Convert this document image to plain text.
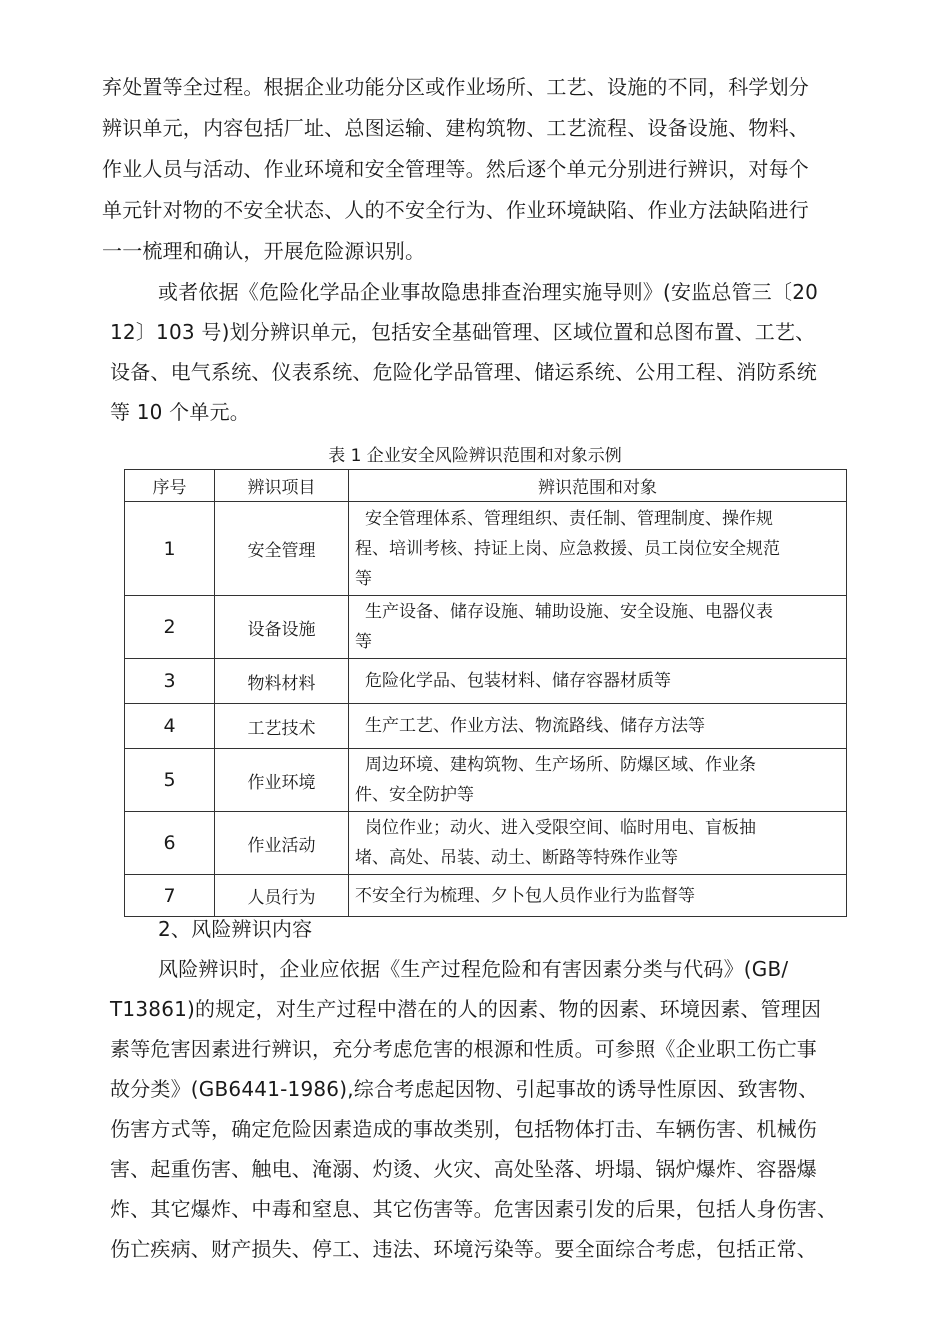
弃处置等全过程。根据企业功能分区或作业场所、工艺、设施的不同，科学划分
辨识单元，内容包括厂址、总图运输、建构筑物、工艺流程、设备设施、物料、
作业人员与活动、作业环境和安全管理等。然后逐个单元分别进行辨识，对每个
单元针对物的不安全状态、人的不安全行为、作业环境缺陷、作业方法缺陷进行
一一梳理和确认，开展危险源识别。
或者依据《危险化学品企业事故隐患排查治理实施导则》(安监总管三〔20
12〕103 号)划分辨识单元，包括安全基础管理、区域位置和总图布置、工艺、
设备、电气系统、仪表系统、危险化学品管理、储运系统、公用工程、消防系统
等 10 个单元。
表 1 企业安全风险辨识范围和对象示例
序号	辨识项目	辨识范围和对象
1	安全管理	安全管理体系、管理组织、责任制、管理制度、操作规
程、培训考核、持证上岗、应急救援、员工岗位安全规范
等

2	设备设施	生产设备、储存设施、辅助设施、安全设施、电器仪表
等

3	物料材料	危险化学品、包装材料、储存容器材质等

4	工艺技术	生产工艺、作业方法、物流路线、储存方法等

5	作业环境	周边环境、建构筑物、生产场所、防爆区域、作业条
件、安全防护等

6	作业活动	岗位作业；动火、进入受限空间、临时用电、盲板抽
堵、高处、吊装、动土、断路等特殊作业等

7	人员行为	不安全行为梳理、夕卜包人员作业行为监督等
2、风险辨识内容
风险辨识时，企业应依据《生产过程危险和有害因素分类与代码》(GB/
T13861)的规定，对生产过程中潜在的人的因素、物的因素、环境因素、管理因
素等危害因素进行辨识，充分考虑危害的根源和性质。可参照《企业职工伤亡事
故分类》(GB6441-1986),综合考虑起因物、引起事故的诱导性原因、致害物、
伤害方式等，确定危险因素造成的事故类别，包括物体打击、车辆伤害、机械伤
害、起重伤害、触电、淹溺、灼烫、火灾、高处坠落、坍塌、锅炉爆炸、容器爆
炸、其它爆炸、中毒和窒息、其它伤害等。危害因素引发的后果，包括人身伤害、
伤亡疾病、财产损失、停工、违法、环境污染等。要全面综合考虑，包括正常、
